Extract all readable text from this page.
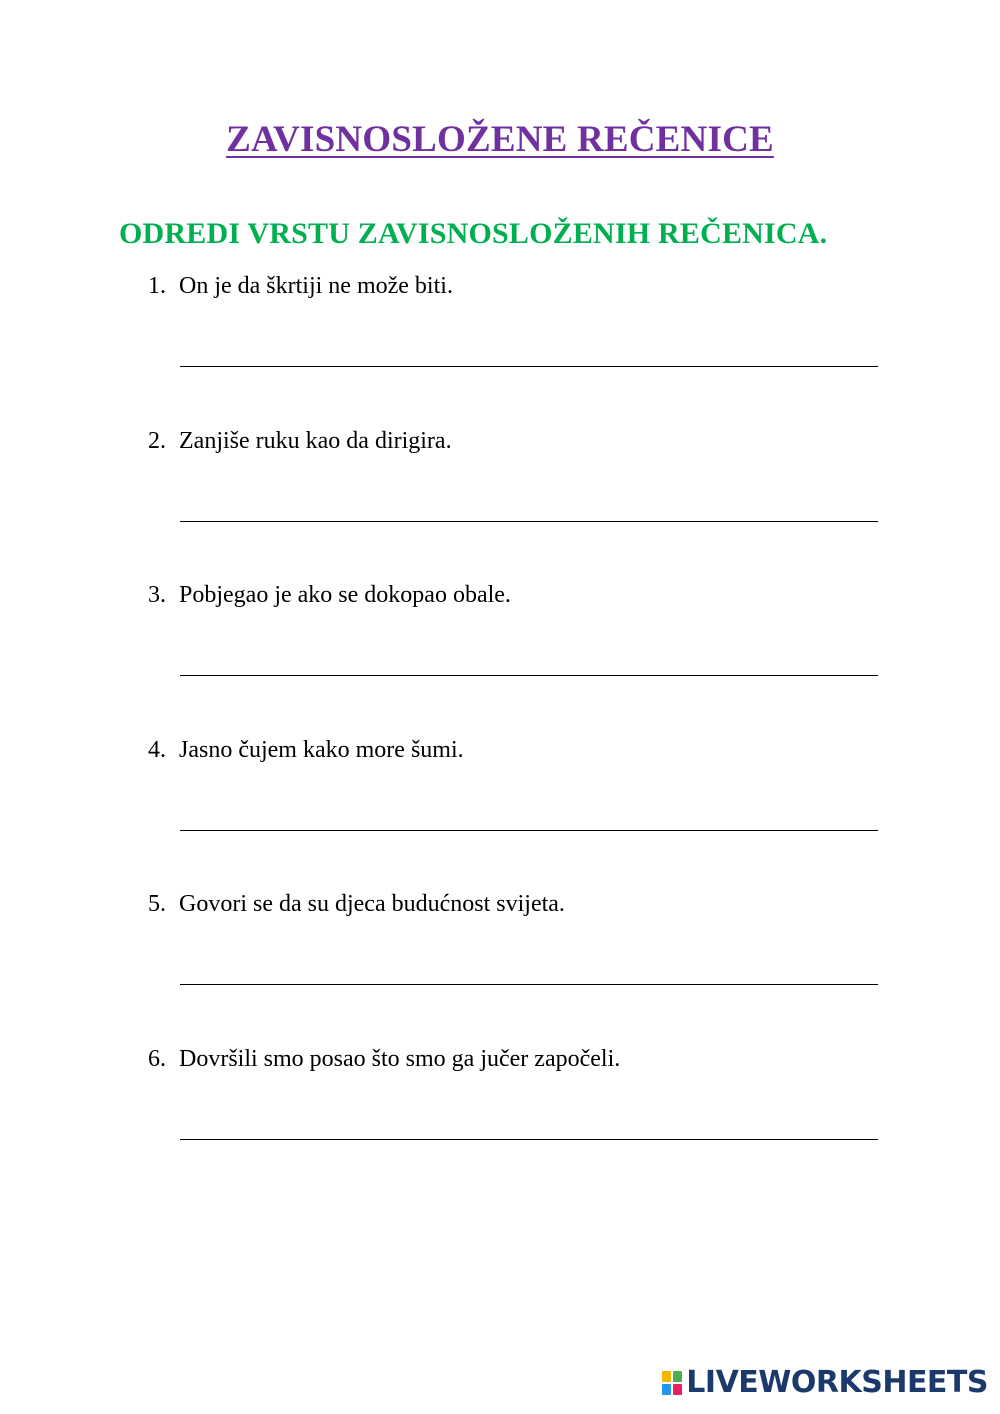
ZAVISNOSLOŽENE REČENICE
ODREDI VRSTU ZAVISNOSLOŽENIH REČENICA.
1. On je da škrtiji ne može biti.
2. Zanjiše ruku kao da dirigira.
3. Pobjegao je ako se dokopao obale.
4. Jasno čujem kako more šumi.
5. Govori se da su djeca budućnost svijeta.
6. Dovršili smo posao što smo ga jučer započeli.
LIVEWORKSHEETS
